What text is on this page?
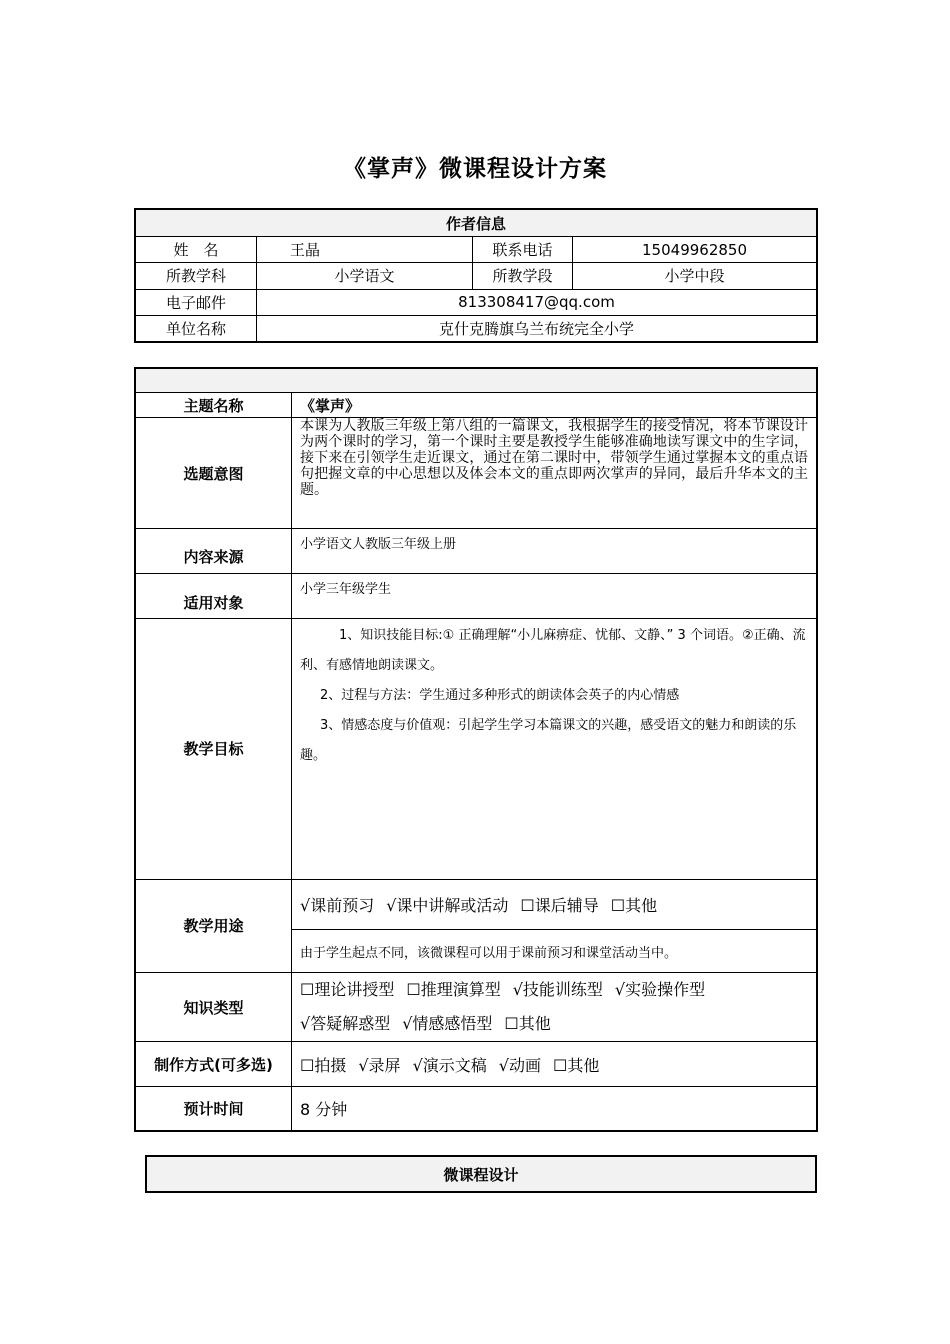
《掌声》微课程设计方案
作者信息			
姓　名	王晶	联系电话	15049962850
所教学科	小学语文	所教学段	小学中段
电子邮件	813308417@qq.com		
单位名称	克什克腾旗乌兰布统完全小学		

主题名称	《掌声》
选题意图	本课为人教版三年级上第八组的一篇课文，我根据学生的接受情况，将本节课设计为两个课时的学习，第一个课时主要是教授学生能够准确地读写课文中的生字词，接下来在引领学生走近课文，通过在第二课时中，带领学生通过掌握本文的重点语句把握文章的中心思想以及体会本文的重点即两次掌声的异同，最后升华本文的主题。
内容来源	小学语文人教版三年级上册
适用对象	小学三年级学生
教学目标	　1、知识技能目标:① 正确理解“小儿麻痹症、忧郁、文静、” 3 个词语。②正确、流利、有感情地朗读课文。

2、过程与方法：学生通过多种形式的朗读体会英子的内心情感

3、情感态度与价值观：引起学生学习本篇课文的兴趣，感受语文的魅力和朗读的乐趣。

教学用途	√课前预习 √课中讲解或活动 ☐课后辅导 ☐其他
	由于学生起点不同，该微课程可以用于课前预习和课堂活动当中。
知识类型	☐理论讲授型 ☐推理演算型 √技能训练型 √实验操作型
√答疑解惑型 √情感感悟型 ☐其他

制作方式(可多选)	☐拍摄 √录屏 √演示文稿 √动画 ☐其他
预计时间	8 分钟
微课程设计
